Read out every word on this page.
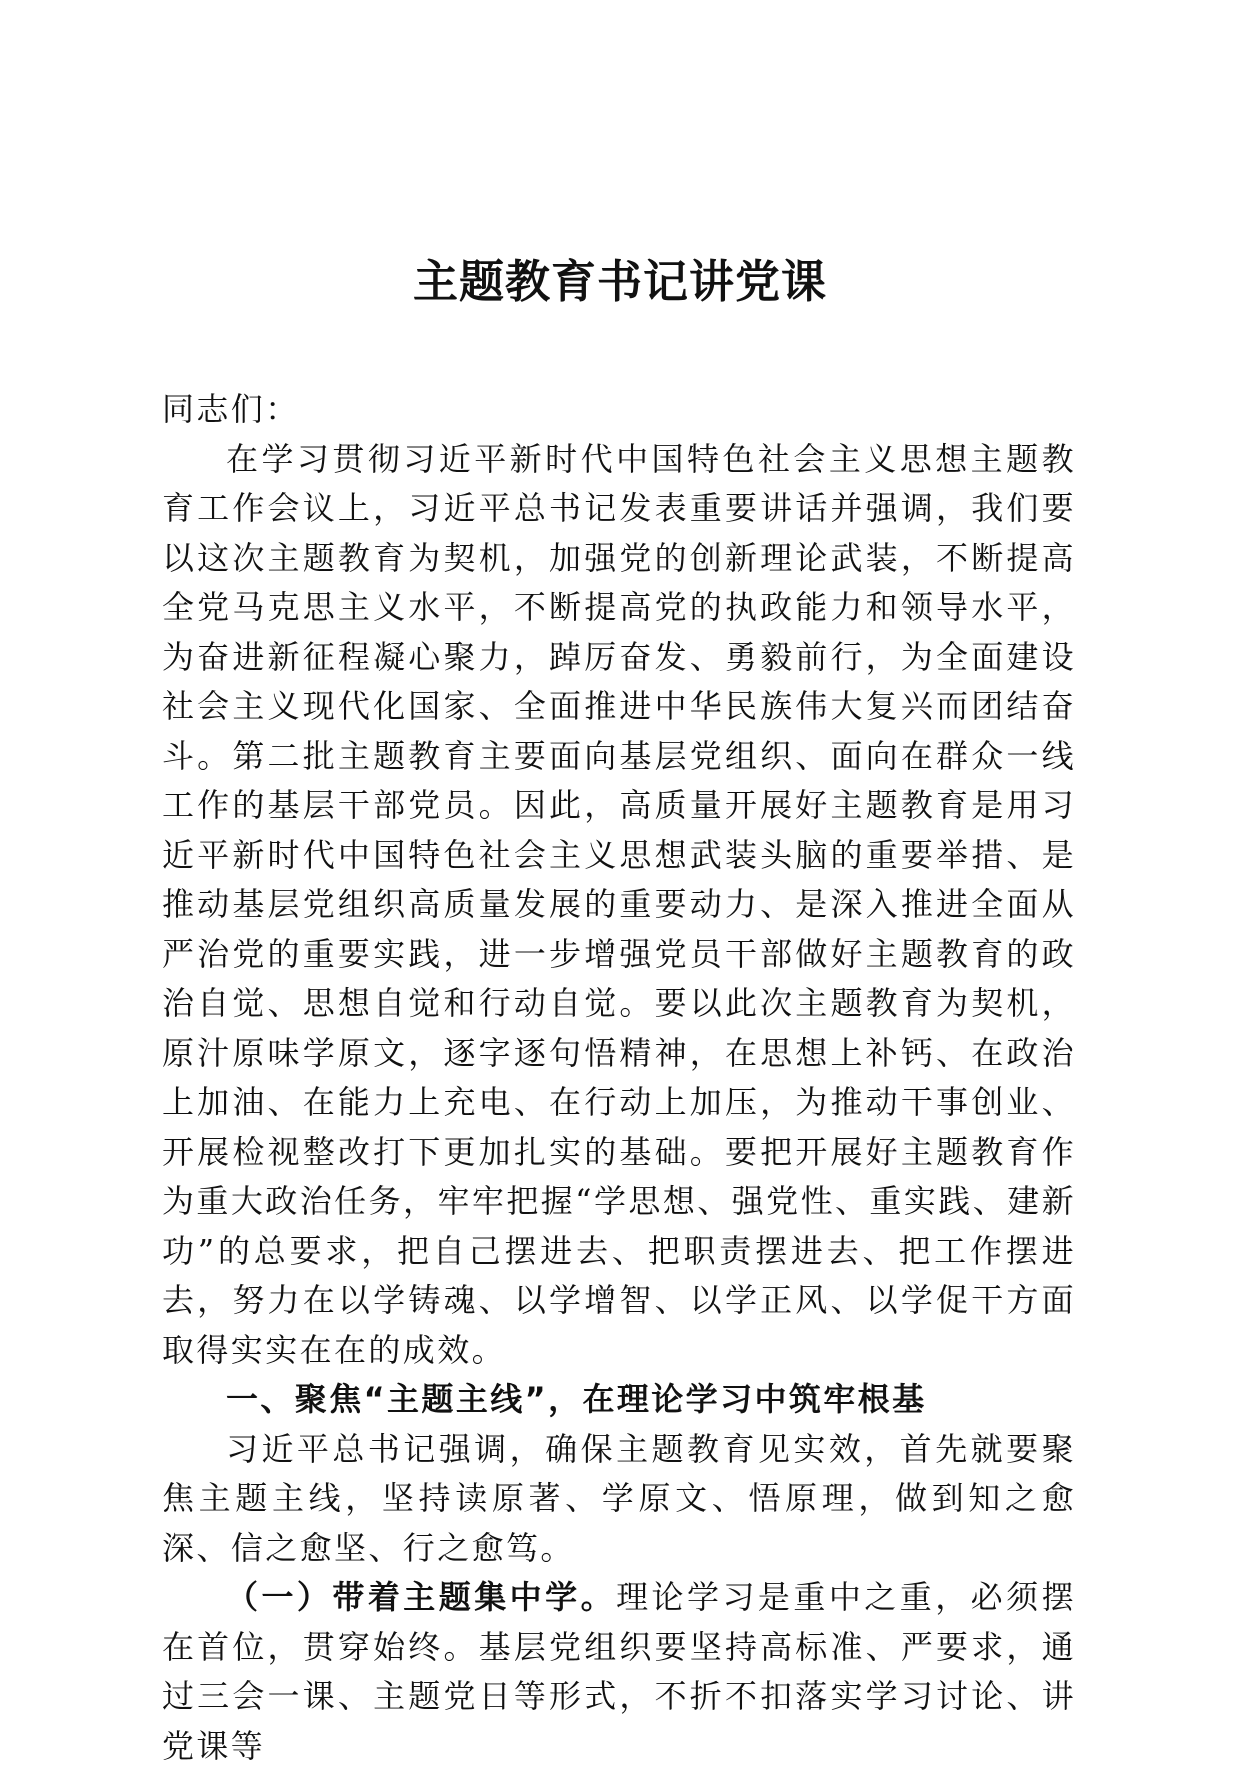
主题教育书记讲党课

同志们：

在学习贯彻习近平新时代中国特色社会主义思想主题教育工作会议上，习近平总书记发表重要讲话并强调，我们要以这次主题教育为契机，加强党的创新理论武装，不断提高全党马克思主义水平，不断提高党的执政能力和领导水平，为奋进新征程凝心聚力，踔厉奋发、勇毅前行，为全面建设社会主义现代化国家、全面推进中华民族伟大复兴而团结奋斗。第二批主题教育主要面向基层党组织、面向在群众一线工作的基层干部党员。因此，高质量开展好主题教育是用习近平新时代中国特色社会主义思想武装头脑的重要举措、是推动基层党组织高质量发展的重要动力、是深入推进全面从严治党的重要实践，进一步增强党员干部做好主题教育的政治自觉、思想自觉和行动自觉。要以此次主题教育为契机，原汁原味学原文，逐字逐句悟精神，在思想上补钙、在政治上加油、在能力上充电、在行动上加压，为推动干事创业、开展检视整改打下更加扎实的基础。要把开展好主题教育作为重大政治任务，牢牢把握“学思想、强党性、重实践、建新功”的总要求，把自己摆进去、把职责摆进去、把工作摆进去，努力在以学铸魂、以学增智、以学正风、以学促干方面取得实实在在的成效。

一、聚焦“主题主线”，在理论学习中筑牢根基

习近平总书记强调，确保主题教育见实效，首先就要聚焦主题主线，坚持读原著、学原文、悟原理，做到知之愈深、信之愈坚、行之愈笃。

（一）带着主题集中学。理论学习是重中之重，必须摆在首位，贯穿始终。基层党组织要坚持高标准、严要求，通过三会一课、主题党日等形式，不折不扣落实学习讨论、讲党课等
